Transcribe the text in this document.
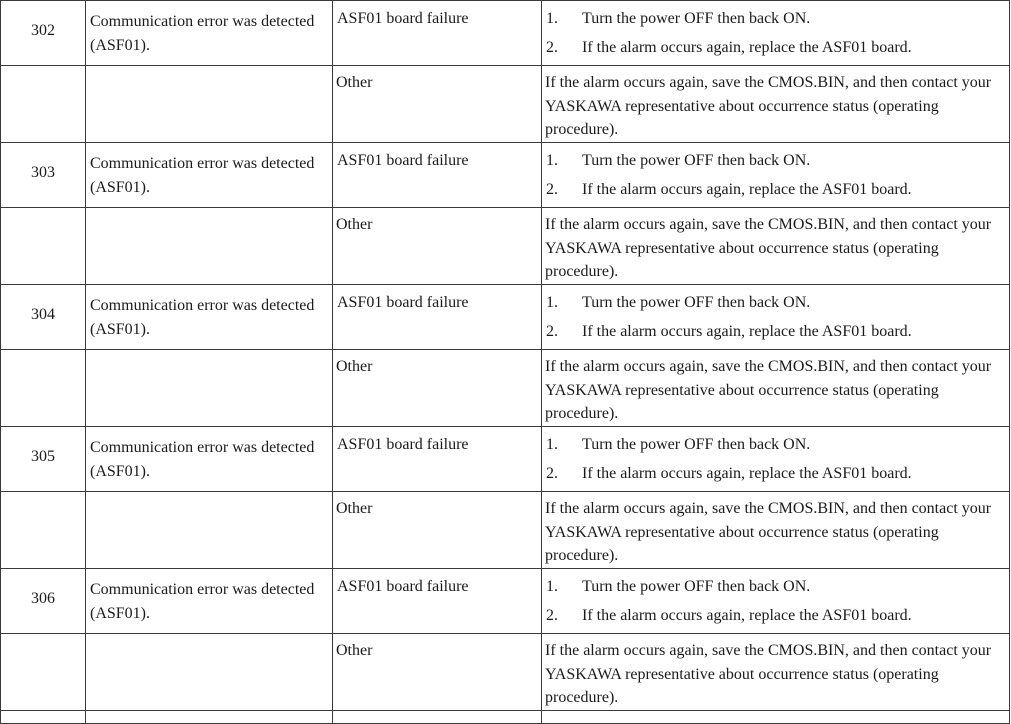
302	Communication error was detected (ASF01).	ASF01 board failure	1. Turn the power OFF then back ON.
2. If the alarm occurs again, replace the ASF01 board.

		Other	If the alarm occurs again, save the CMOS.BIN, and then contact your YASKAWA representative about occurrence status (operating procedure).
303	Communication error was detected (ASF01).	ASF01 board failure	1. Turn the power OFF then back ON.
2. If the alarm occurs again, replace the ASF01 board.

		Other	If the alarm occurs again, save the CMOS.BIN, and then contact your YASKAWA representative about occurrence status (operating procedure).
304	Communication error was detected (ASF01).	ASF01 board failure	1. Turn the power OFF then back ON.
2. If the alarm occurs again, replace the ASF01 board.

		Other	If the alarm occurs again, save the CMOS.BIN, and then contact your YASKAWA representative about occurrence status (operating procedure).
305	Communication error was detected (ASF01).	ASF01 board failure	1. Turn the power OFF then back ON.
2. If the alarm occurs again, replace the ASF01 board.

		Other	If the alarm occurs again, save the CMOS.BIN, and then contact your YASKAWA representative about occurrence status (operating procedure).
306	Communication error was detected (ASF01).	ASF01 board failure	1. Turn the power OFF then back ON.
2. If the alarm occurs again, replace the ASF01 board.

		Other	If the alarm occurs again, save the CMOS.BIN, and then contact your YASKAWA representative about occurrence status (operating procedure).
